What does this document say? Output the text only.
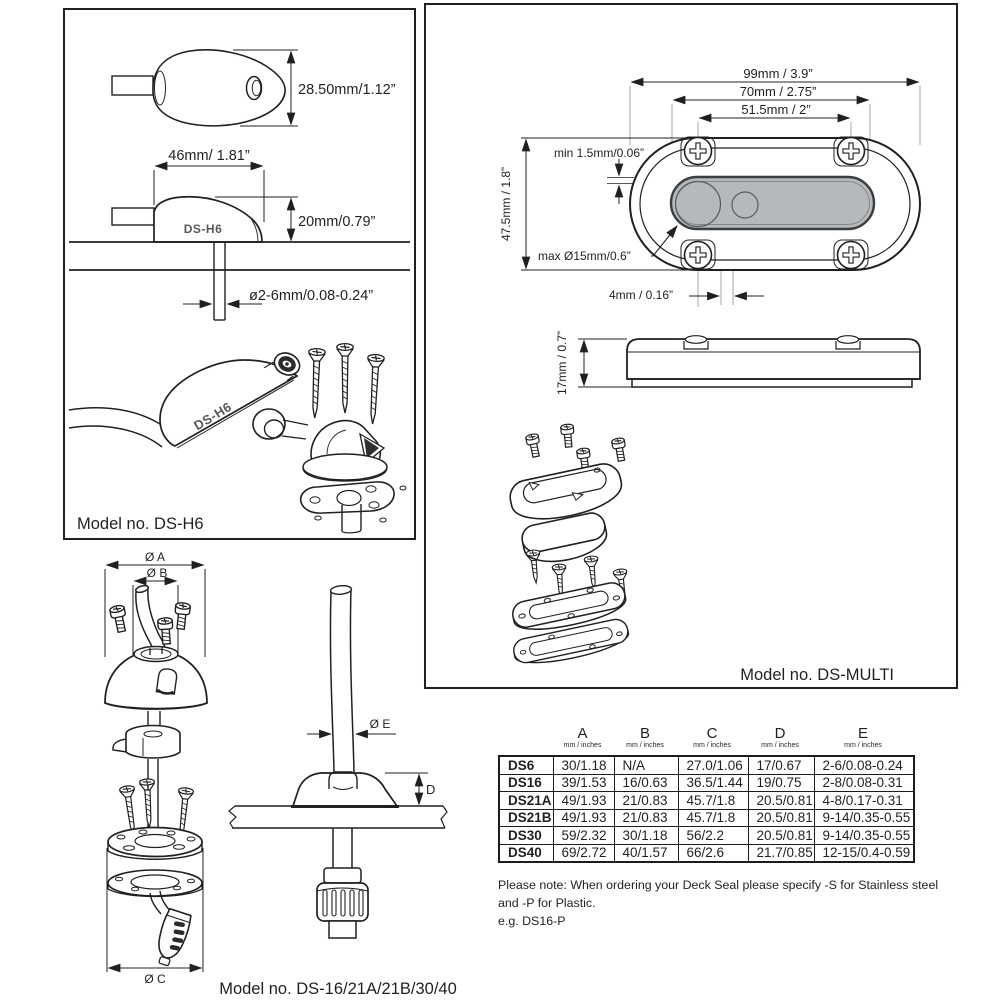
28.50mm/1.12”
46mm/ 1.81”
DS-H6	20mm/0.79”
ø2-6mm/0.08-0.24”
DS-H6
Model no. DS-H6
99mm / 3.9”
70mm / 2.75”
51.5mm / 2”
min 1.5mm/0.06”
47.5mm / 1.8”
max Ø15mm/0.6”
4mm / 0.16”
17mm / 0.7”
Model no. DS-MULTI
Ø A
Ø B
Ø C
Ø E
D
Model no. DS-16/21A/21B/30/40
A
mm / inches
B
mm / inches
C
mm / inches
D
mm / inches
E
mm / inches
DS6	30/1.18	N/A	27.0/1.06	17/0.67	2-6/0.08-0.24
DS16	39/1.53	16/0.63	36.5/1.44	19/0.75	2-8/0.08-0.31
DS21A	49/1.93	21/0.83	45.7/1.8	20.5/0.81	4-8/0.17-0.31
DS21B	49/1.93	21/0.83	45.7/1.8	20.5/0.81	9-14/0.35-0.55
DS30	59/2.32	30/1.18	56/2.2	20.5/0.81	9-14/0.35-0.55
DS40	69/2.72	40/1.57	66/2.6	21.7/0.85	12-15/0.4-0.59
Please note: When ordering your Deck Seal please specify -S for Stainless steel and -P for Plastic.
e.g. DS16-P
